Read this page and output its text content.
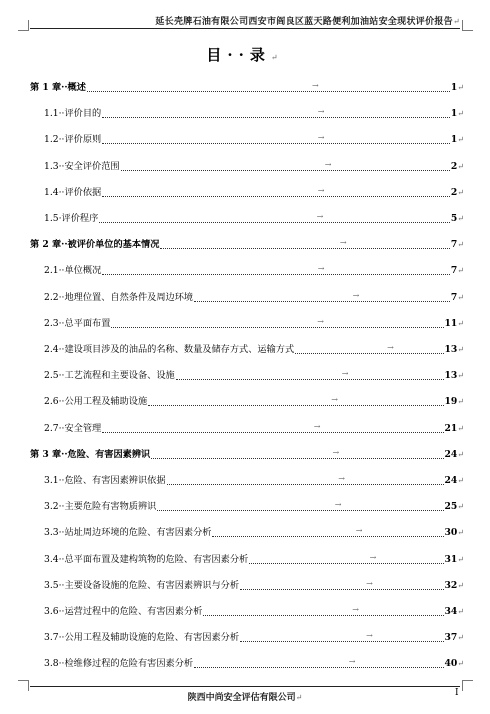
延长壳牌石油有限公司西安市阎良区蓝天路便利加油站安全现状评价报告↵
目··录↵
第 1 章··概述	→	1 ↵
1.1··评价目的	→	1 ↵
1.2··评价原则	→	1 ↵
1.3··安全评价范围	→	2 ↵
1.4··评价依据	→	2 ↵
1.5·评价程序	→	5 ↵
第 2 章··被评价单位的基本情况	→	7 ↵
2.1··单位概况	→	7 ↵
2.2··地理位置、自然条件及周边环境	→	7 ↵
2.3··总平面布置	→	11 ↵
2.4··建设项目涉及的油品的名称、数量及储存方式、运输方式	→	13 ↵
2.5··工艺流程和主要设备、设施	→	13 ↵
2.6··公用工程及辅助设施	→	19 ↵
2.7··安全管理	→	21 ↵
第 3 章··危险、有害因素辨识	→	24 ↵
3.1··危险、有害因素辨识依据	→	24 ↵
3.2··主要危险有害物质辨识	→	25 ↵
3.3··站址周边环境的危险、有害因素分析	→	30 ↵
3.4··总平面布置及建构筑物的危险、有害因素分析	→	31 ↵
3.5··主要设备设施的危险、有害因素辨识与分析	→	32 ↵
3.6··运营过程中的危险、有害因素分析	→	34 ↵
3.7··公用工程及辅助设施的危险、有害因素分析	→	37 ↵
3.8··检维修过程的危险有害因素分析	→	40 ↵
陕西中尚安全评估有限公司↵	I
